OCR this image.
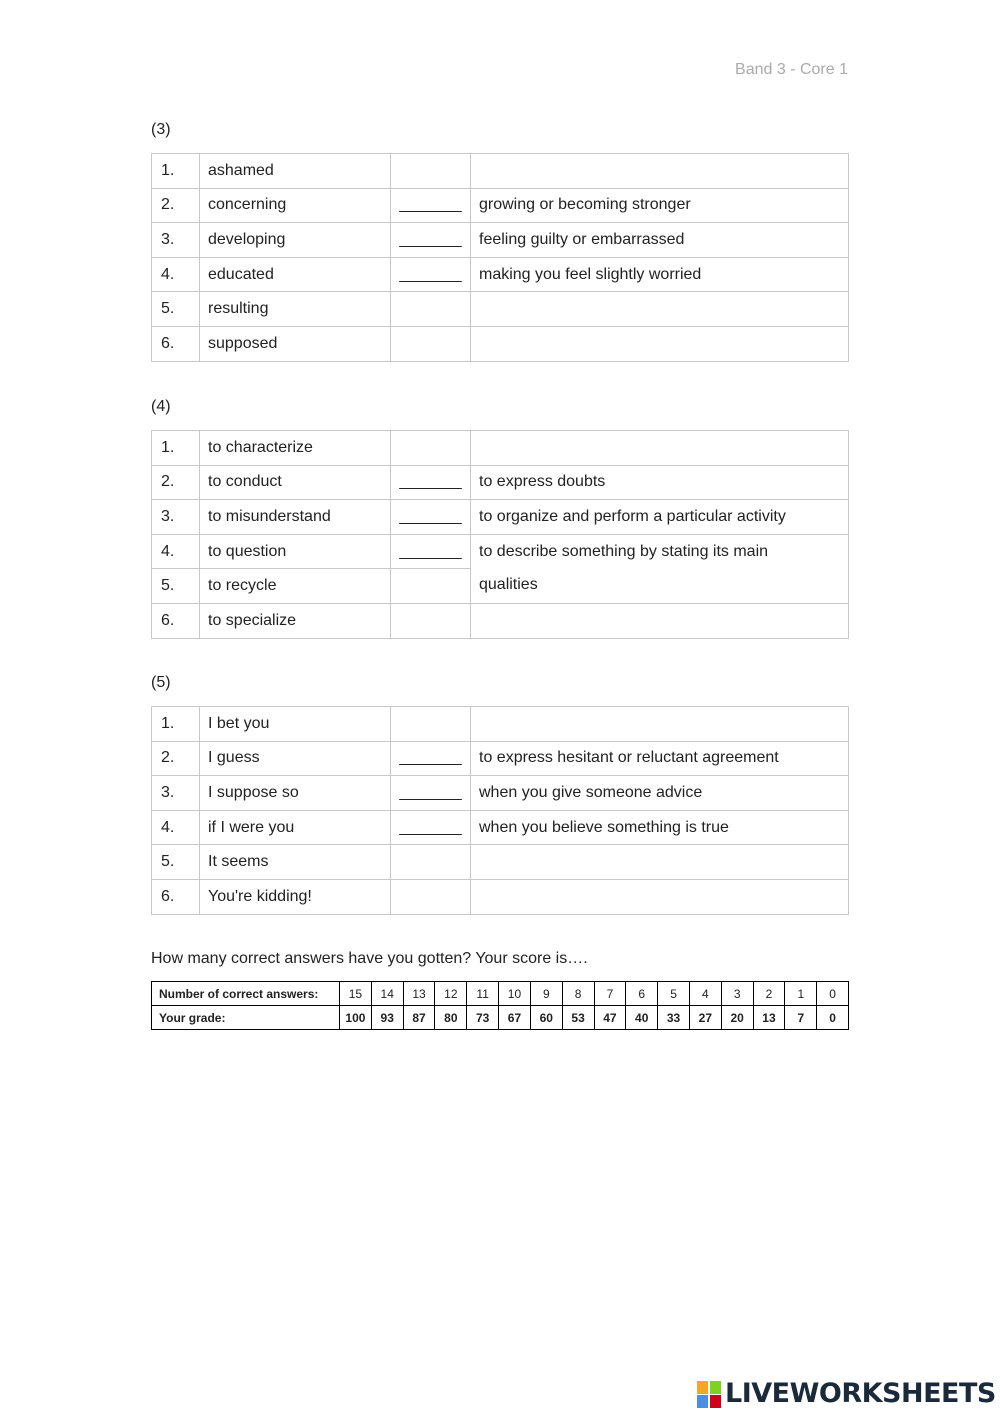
Band 3 - Core 1
(3)
1.	ashamed		
2.	concerning	_______	growing or becoming stronger
3.	developing	_______	feeling guilty or embarrassed
4.	educated	_______	making you feel slightly worried
5.	resulting		
6.	supposed		
(4)
1.	to characterize		
2.	to conduct	_______	to express doubts
3.	to misunderstand	_______	to organize and perform a particular activity
4.	to question	_______	to describe something by stating its main
qualities

5.	to recycle		
6.	to specialize		
(5)
1.	I bet you		
2.	I guess	_______	to express hesitant or reluctant agreement
3.	I suppose so	_______	when you give someone advice
4.	if I were you	_______	when you believe something is true
5.	It seems		
6.	You're kidding!		
How many correct answers have you gotten? Your score is….
Number of correct answers:	15	14	13	12	11	10	9	8	7	6	5	4	3	2	1	0
Your grade:	100	93	87	80	73	67	60	53	47	40	33	27	20	13	7	0
LIVEWORKSHEETS
